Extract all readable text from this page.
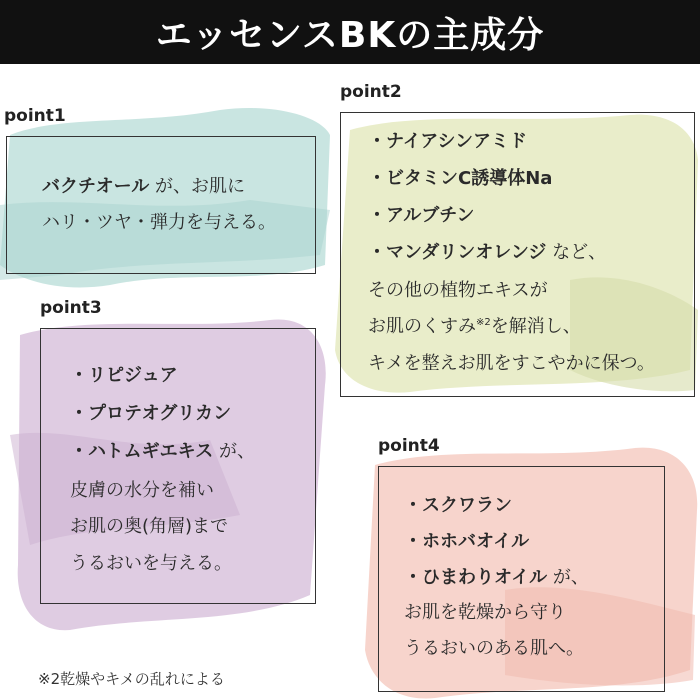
エッセンスBKの主成分
point1
バクチオール が、お肌に
ハリ・ツヤ・弾力を与える。
point2
・ナイアシンアミド
・ビタミンC誘導体Na
・アルブチン
・マンダリンオレンジ など、
その他の植物エキスが
お肌のくすみ$^{※2}$を解消し、
キメを整えお肌をすこやかに保つ。
point3
・リピジュア
・プロテオグリカン
・ハトムギエキス が、
皮膚の水分を補い
お肌の奥(角層)まで
うるおいを与える。
point4
・スクワラン
・ホホバオイル
・ひまわりオイル が、
お肌を乾燥から守り
うるおいのある肌へ。
※2乾燥やキメの乱れによる
